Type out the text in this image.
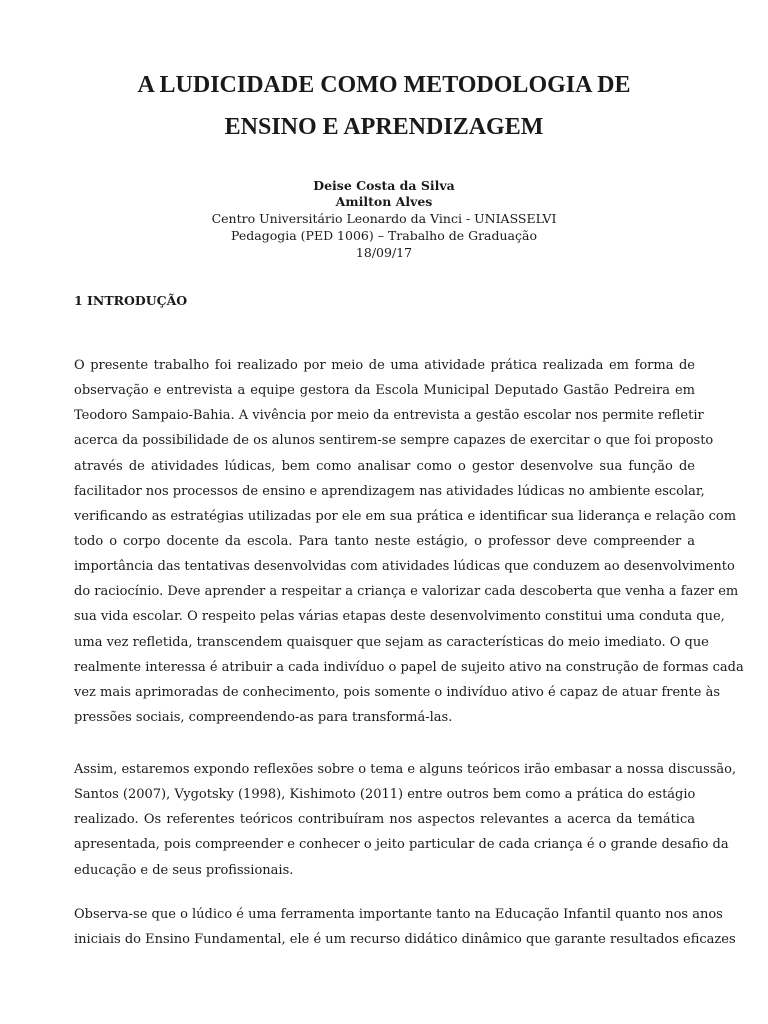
A LUDICIDADE COMO METODOLOGIA DE
ENSINO E APRENDIZAGEM

Deise Costa da Silva

Amilton Alves

Centro Universitário Leonardo da Vinci - UNIASSELVI

Pedagogia (PED 1006) – Trabalho de Graduação

18/09/17

1 INTRODUÇÃO
O presente trabalho foi realizado por meio de uma atividade prática realizada em forma de
observação e entrevista a equipe gestora da Escola Municipal Deputado Gastão Pedreira em
Teodoro Sampaio-Bahia. A vivência por meio da entrevista a gestão escolar nos permite refletir
acerca da possibilidade de os alunos sentirem-se sempre capazes de exercitar o que foi proposto
através de atividades lúdicas, bem como analisar como o gestor desenvolve sua função de
facilitador nos processos de ensino e aprendizagem nas atividades lúdicas no ambiente escolar,
verificando as estratégias utilizadas por ele em sua prática e identificar sua liderança e relação com
todo o corpo docente da escola. Para tanto neste estágio, o professor deve compreender a
importância das tentativas desenvolvidas com atividades lúdicas que conduzem ao desenvolvimento
do raciocínio. Deve aprender a respeitar a criança e valorizar cada descoberta que venha a fazer em
sua vida escolar. O respeito pelas várias etapas deste desenvolvimento constitui uma conduta que,
uma vez refletida, transcendem quaisquer que sejam as características do meio imediato. O que
realmente interessa é atribuir a cada indivíduo o papel de sujeito ativo na construção de formas cada
vez mais aprimoradas de conhecimento, pois somente o indivíduo ativo é capaz de atuar frente às
pressões sociais, compreendendo-as para transformá-las.
Assim, estaremos expondo reflexões sobre o tema e alguns teóricos irão embasar a nossa discussão,
Santos (2007), Vygotsky (1998), Kishimoto (2011) entre outros bem como a prática do estágio
realizado. Os referentes teóricos contribuíram nos aspectos relevantes a acerca da temática
apresentada, pois compreender e conhecer o jeito particular de cada criança é o grande desafio da
educação e de seus profissionais.
Observa-se que o lúdico é uma ferramenta importante tanto na Educação Infantil quanto nos anos
iniciais do Ensino Fundamental, ele é um recurso didático dinâmico que garante resultados eficazes
